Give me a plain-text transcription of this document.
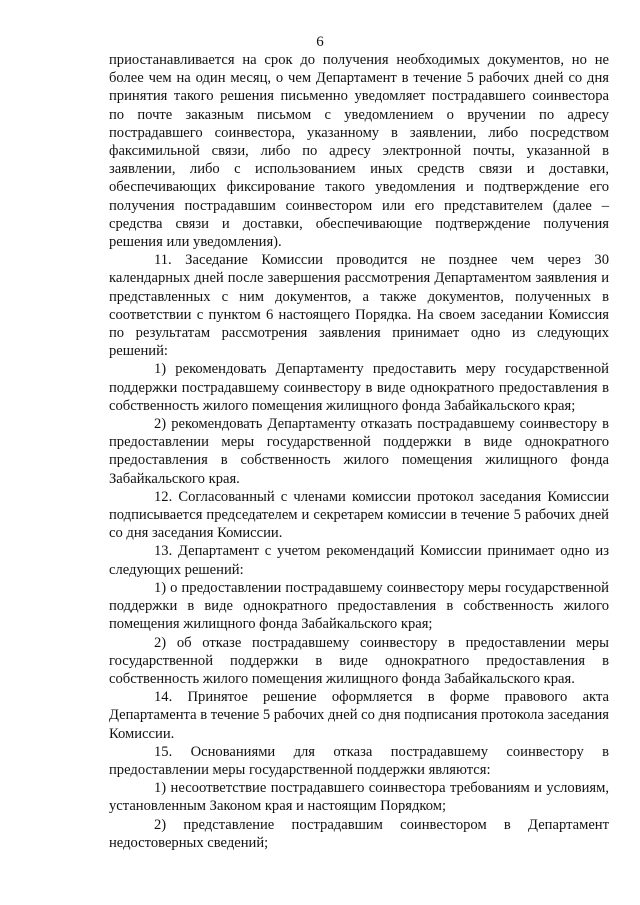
6

приостанавливается на срок до получения необходимых документов, но не более чем на один месяц, о чем Департамент в течение 5 рабочих дней со дня принятия такого решения письменно уведомляет пострадавшего соинвестора по почте заказным письмом с уведомлением о вручении по адресу пострадавшего соинвестора, указанному в заявлении, либо посредством факсимильной связи, либо по адресу электронной почты, указанной в заявлении, либо с использованием иных средств связи и доставки, обеспечивающих фиксирование такого уведомления и подтверждение его получения пострадавшим соинвестором или его представителем (далее – средства связи и доставки, обеспечивающие подтверждение получения решения или уведомления).

11. Заседание Комиссии проводится не позднее чем через 30 календарных дней после завершения рассмотрения Департаментом заявления и представленных с ним документов, а также документов, полученных в соответствии с пунктом 6 настоящего Порядка. На своем заседании Комиссия по результатам рассмотрения заявления принимает одно из следующих решений:

1) рекомендовать Департаменту предоставить меру государственной поддержки пострадавшему соинвестору в виде однократного предоставления в собственность жилого помещения жилищного фонда Забайкальского края;

2) рекомендовать Департаменту отказать пострадавшему соинвестору в предоставлении меры государственной поддержки в виде однократного предоставления в собственность жилого помещения жилищного фонда Забайкальского края.

12. Согласованный с членами комиссии протокол заседания Комиссии подписывается председателем и секретарем комиссии в течение 5 рабочих дней со дня заседания Комиссии.

13. Департамент с учетом рекомендаций Комиссии принимает одно из следующих решений:

1) о предоставлении пострадавшему соинвестору меры государственной поддержки в виде однократного предоставления в собственность жилого помещения жилищного фонда Забайкальского края;

2) об отказе пострадавшему соинвестору в предоставлении меры государственной поддержки в виде однократного предоставления в собственность жилого помещения жилищного фонда Забайкальского края.

14. Принятое решение оформляется в форме правового акта Департамента в течение 5 рабочих дней со дня подписания протокола заседания Комиссии.

15. Основаниями для отказа пострадавшему соинвестору в предоставлении меры государственной поддержки являются:

1) несоответствие пострадавшего соинвестора требованиям и условиям, установленным Законом края и настоящим Порядком;

2) представление пострадавшим соинвестором в Департамент недостоверных сведений;
